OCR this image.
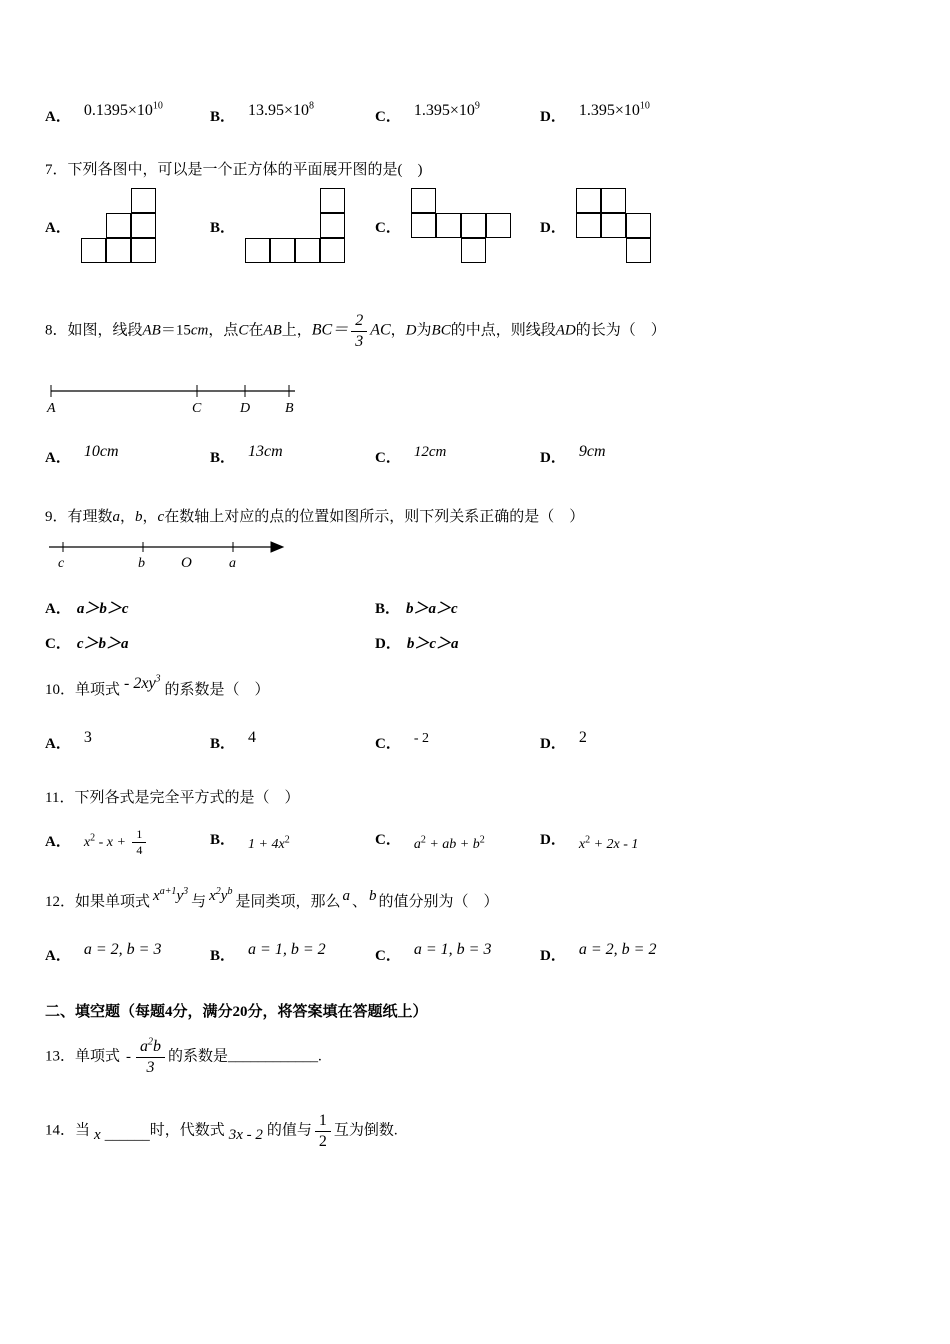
A． $0.1395\times 10^{10}$
B． $13.95\times 10^8$
C． $1.395\times 10^9$
D． $1.395\times 10^{10}$
7．下列各图中，可以是一个正方体的平面展开图的是(　)
A．	B．	C．	D．
8．如图，线段AB＝15cm，点C在AB上，$BC= \frac{2}{3}$ AC，D为BC的中点，则线段AD的长为（　）
A	C	D B
A． 10cm	B． 13cm	C． 12cm	D． 9cm
9．有理数a，b，c在数轴上对应的点的位置如图所示，则下列关系正确的是（　）
c	b O	a
A． a＞b＞c	B． b＞a＞c
C． c＞b＞a	D． b＞c＞a
10．单项式 - $2xy^3$的系数是（　）
A． 3	B． 4	C． - 2	D． 2
11．下列各式是完全平方式的是（　）
A． $x^2 - x + \frac{1}{4}$	B． $1 + 4x^2$	C． $a^2$ + ab + $b^2$	D． $x^2 + 2x - 1$
12．如果单项式 $x^{a+1}y^3$与 $x^2y^b$是同类项，那么 a 、 b 的值分别为（　）
A． a = 2, b = 3	B． a = 1, b = 2	C． a = 1, b = 3	D． a = 2, b = 2
二、填空题（每题4分，满分20分，将答案填在答题纸上）
13．单项式 - $\frac{a^2b}{3}$ 的系数是____________.
14．当 x ______时，代数式 3x - 2 的值与 $\frac{1}{2}$ 互为倒数.
